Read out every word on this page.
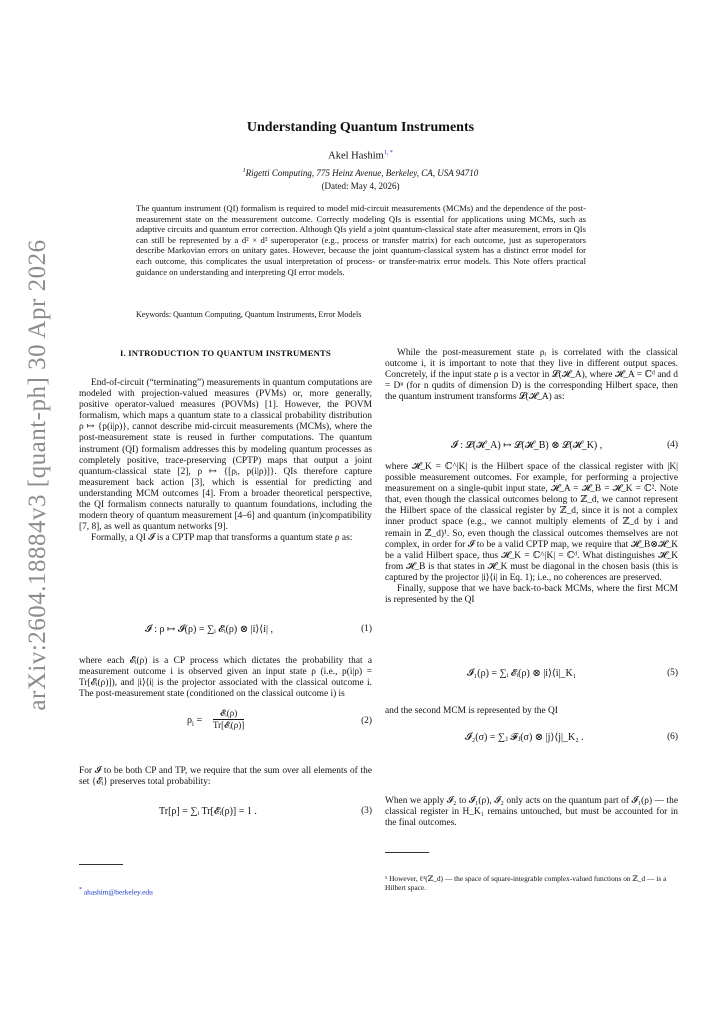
arXiv:2604.18884v3 [quant-ph] 30 Apr 2026
Understanding Quantum Instruments
Akel Hashim$^{1, *}$
$^1$Rigetti Computing, 775 Heinz Avenue, Berkeley, CA, USA 94710
(Dated: May 4, 2026)
The quantum instrument (QI) formalism is required to model mid-circuit measurements (MCMs) and the dependence of the post-measurement state on the measurement outcome. Correctly modeling QIs is essential for applications using MCMs, such as adaptive circuits and quantum error correction. Although QIs yield a joint quantum-classical state after measurement, errors in QIs can still be represented by a d² × d² superoperator (e.g., process or transfer matrix) for each outcome, just as superoperators describe Markovian errors on unitary gates. However, because the joint quantum-classical system has a distinct error model for each outcome, this complicates the usual interpretation of process- or transfer-matrix error models. This Note offers practical guidance on understanding and interpreting QI error models.
Keywords: Quantum Computing, Quantum Instruments, Error Models
I. INTRODUCTION TO QUANTUM INSTRUMENTS

End-of-circuit (“terminating”) measurements in quantum computations are modeled with projection-valued measures (PVMs) or, more generally, positive operator-valued measures (POVMs) [1]. However, the POVM formalism, which maps a quantum state to a classical probability distribution ρ ↦ {p(i|ρ)}, cannot describe mid-circuit measurements (MCMs), where the post-measurement state is reused in further computations. The quantum instrument (QI) formalism addresses this by modeling quantum processes as completely positive, trace-preserving (CPTP) maps that output a joint quantum-classical state [2], ρ ↦ {[ρᵢ, p(i|ρ)]}. QIs therefore capture measurement back action [3], which is essential for predicting and understanding MCM outcomes [4]. From a broader theoretical perspective, the QI formalism connects naturally to quantum foundations, including the modern theory of quantum measurement [4–6] and quantum (in)compatibility [7, 8], as well as quantum networks [9].

Formally, a QI 𝓘 is a CPTP map that transforms a quantum state ρ as:

𝓘 : ρ ↦ 𝓘(ρ) = ∑ᵢ 𝓔ᵢ(ρ) ⊗ |i⟩⟨i| ,	(1)

where each 𝓔ᵢ(ρ) is a CP process which dictates the probability that a measurement outcome i is observed given an input state ρ (i.e., p(i|ρ) = Tr[𝓔ᵢ(ρ)]), and |i⟩⟨i| is the projector associated with the classical outcome i. The post-measurement state (conditioned on the classical outcome i) is

$\rho_i$ =
𝓔ᵢ(ρ)
Tr[𝓔ᵢ(ρ)]	(2)

For 𝓘 to be both CP and TP, we require that the sum over all elements of the set {𝓔ᵢ} preserves total probability:

Tr[ρ] = ∑ᵢ Tr[𝓔ᵢ(ρ)] = 1 .	(3)
* ahashim@berkeley.edu

While the post-measurement state ρᵢ is correlated with the classical outcome i, it is important to note that they live in different output spaces. Concretely, if the input state ρ is a vector in 𝓛(𝓗_A), where 𝓗_A = ℂᵈ and d = Dⁿ (for n qudits of dimension D) is the corresponding Hilbert space, then the quantum instrument transforms 𝓛(𝓗_A) as:

𝓘 : 𝓛(𝓗_A) ↦ 𝓛(𝓗_B) ⊗ 𝓛(𝓗_K) ,	(4)

where 𝓗_K = ℂ^|K| is the Hilbert space of the classical register with |K| possible measurement outcomes. For example, for performing a projective measurement on a single-qubit input state, 𝓗_A = 𝓗_B = 𝓗_K = ℂ². Note that, even though the classical outcomes belong to ℤ_d, we cannot represent the Hilbert space of the classical register by ℤ_d, since it is not a complex inner product space (e.g., we cannot multiply elements of ℤ_d by i and remain in ℤ_d)¹. So, even though the classical outcomes themselves are not complex, in order for 𝓘 to be a valid CPTP map, we require that 𝓗_B⊗𝓗_K be a valid Hilbert space, thus 𝓗_K = ℂ^|K| = ℂᵈ. What distinguishes 𝓗_K from 𝓗_B is that states in 𝓗_K must be diagonal in the chosen basis (this is captured by the projector |i⟩⟨i| in Eq. 1); i.e., no coherences are preserved.

Finally, suppose that we have back-to-back MCMs, where the first MCM is represented by the QI

𝓘₁(ρ) = ∑ᵢ 𝓔ᵢ(ρ) ⊗ |i⟩⟨i|_K₁	(5)

and the second MCM is represented by the QI

𝓘₂(σ) = ∑ⱼ 𝓕ⱼ(σ) ⊗ |j⟩⟨j|_K₂ .	(6)

When we apply 𝓘₂ to 𝓘₁(ρ), 𝓘₂ only acts on the quantum part of 𝓘₁(ρ) — the classical register in H_K₁ remains untouched, but must be accounted for in the final outcomes.

¹ However, ℓ²(ℤ_d) — the space of square-integrable complex-valued functions on ℤ_d — is a Hilbert space.
